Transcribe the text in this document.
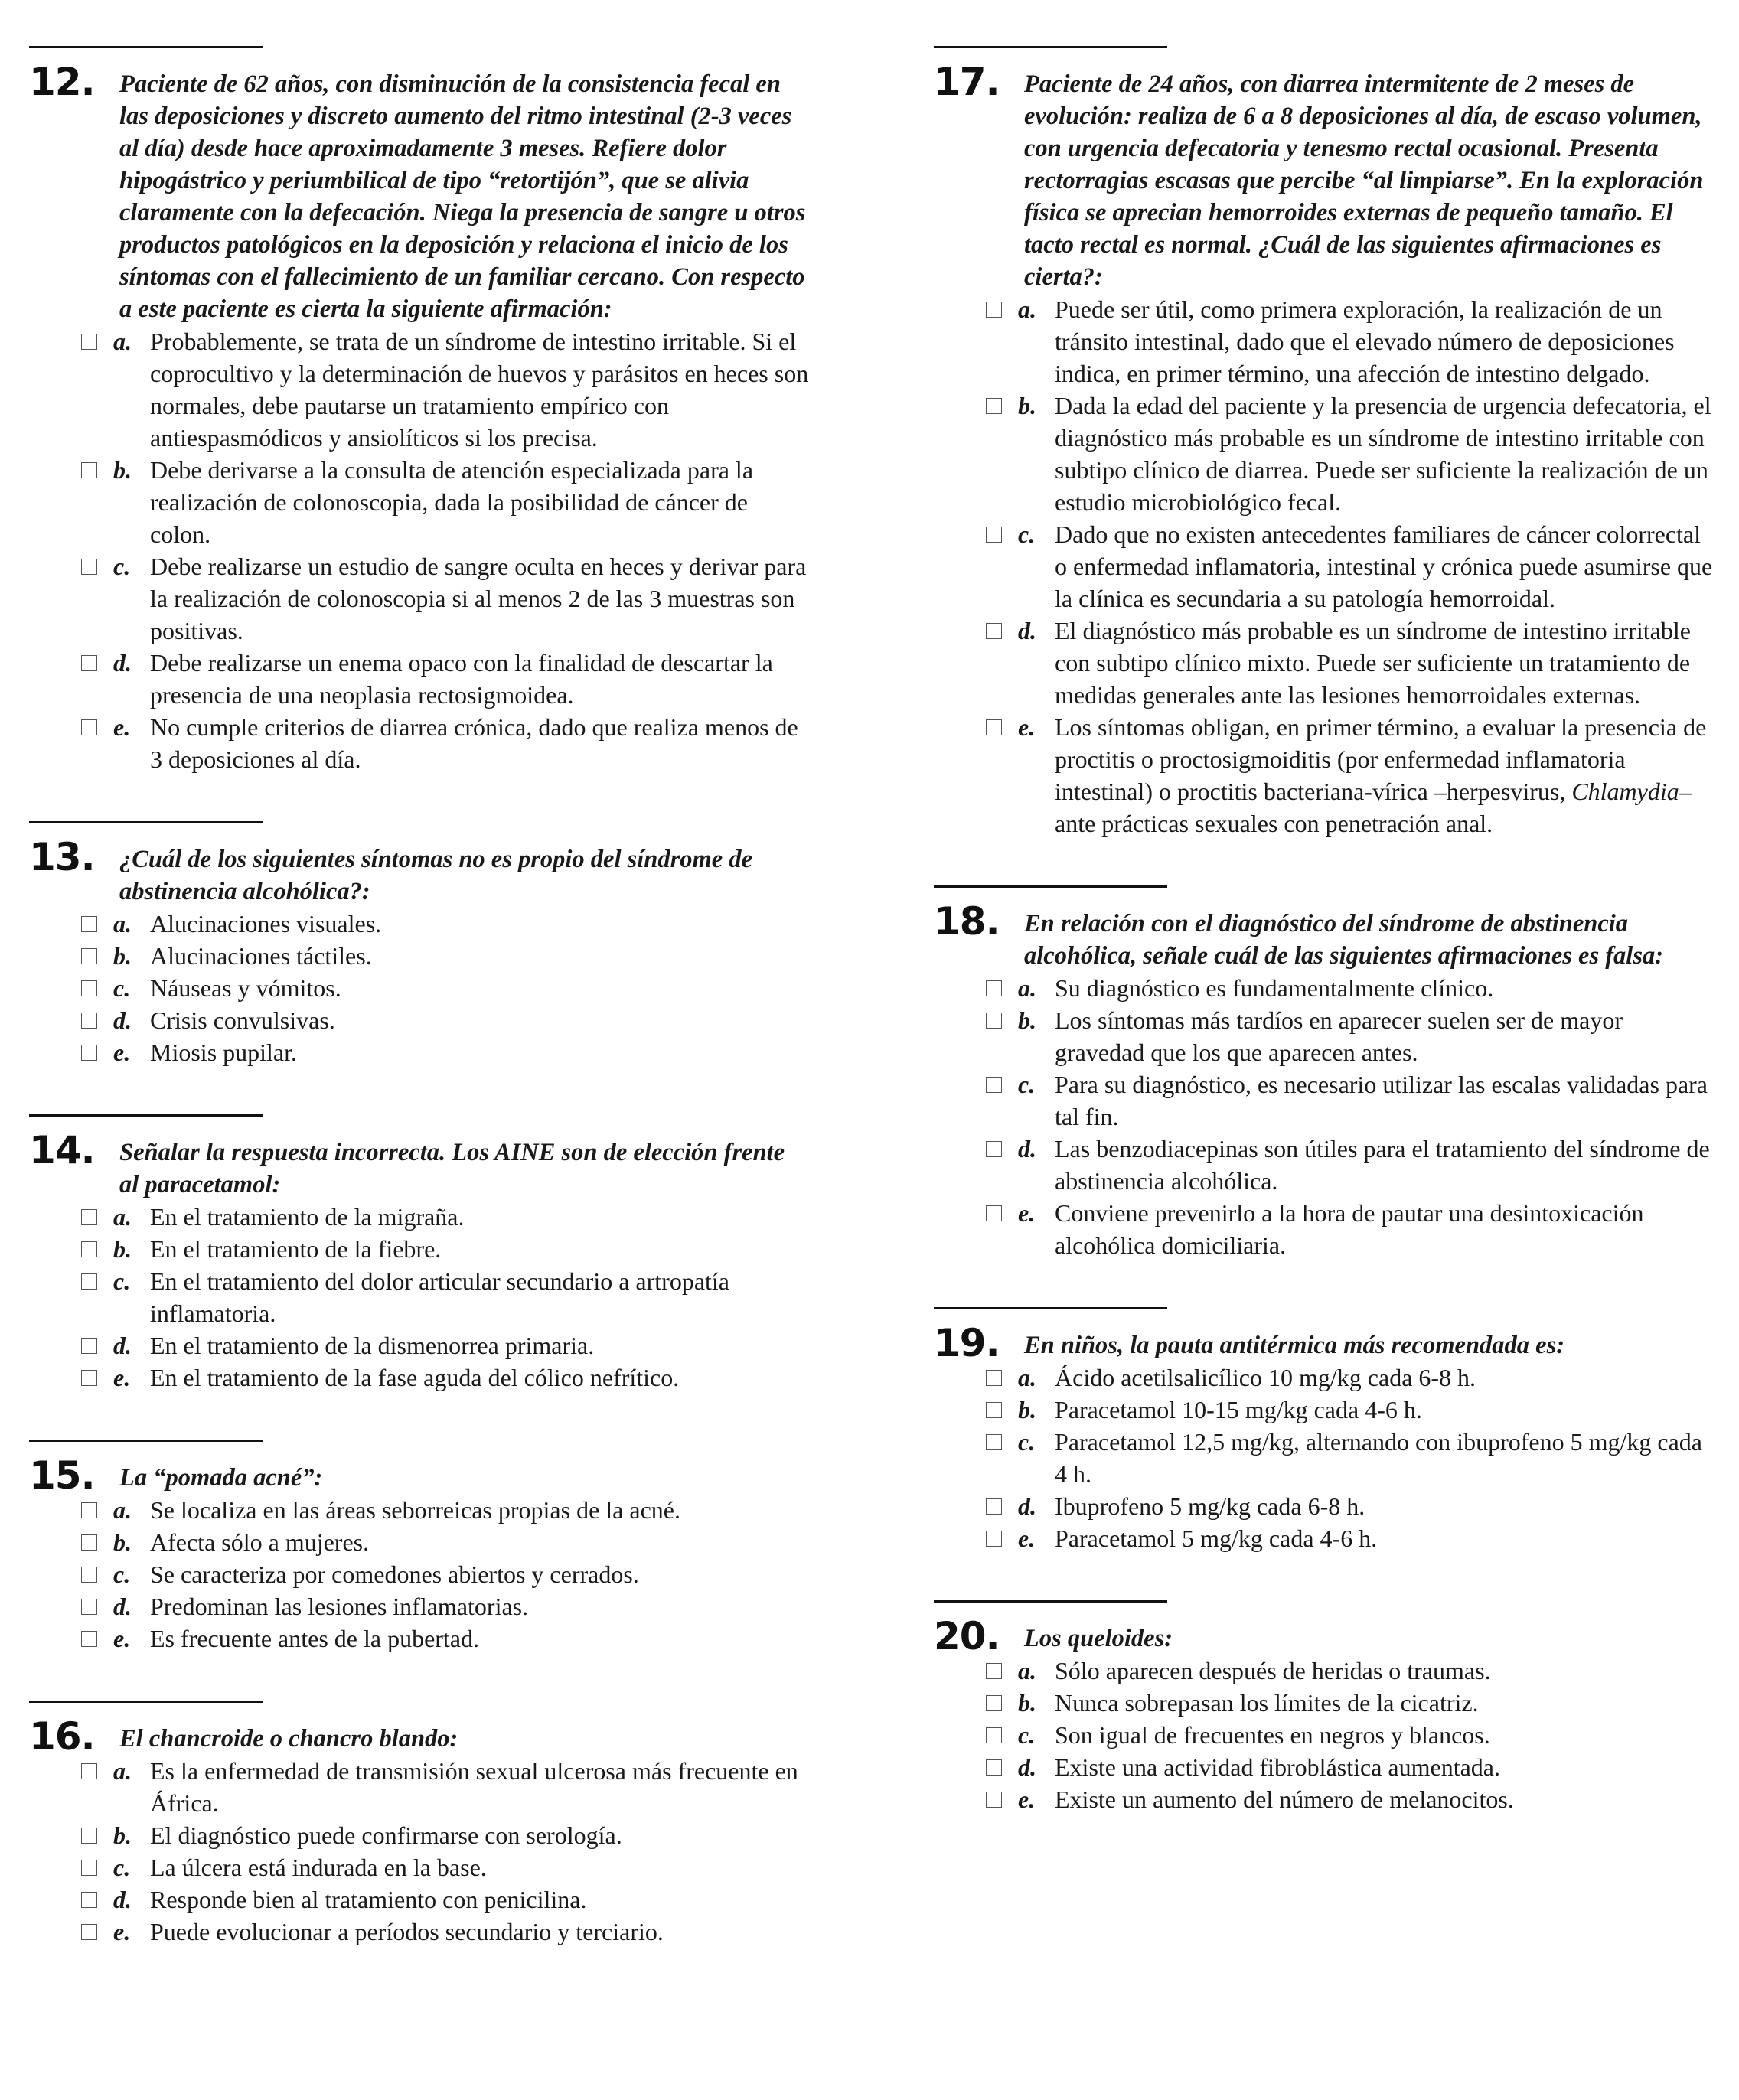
12. Paciente de 62 años, con disminución de la consistencia fecal en las deposiciones y discreto aumento del ritmo intestinal (2-3 veces al día) desde hace aproximadamente 3 meses. Refiere dolor hipogástrico y periumbilical de tipo “retortijón”, que se alivia claramente con la defecación. Niega la presencia de sangre u otros productos patológicos en la deposición y relaciona el inicio de los síntomas con el fallecimiento de un familiar cercano. Con respecto a este paciente es cierta la siguiente afirmación:
a. Probablemente, se trata de un síndrome de intestino irritable. Si el coprocultivo y la determinación de huevos y parásitos en heces son normales, debe pautarse un tratamiento empírico con antiespasmódicos y ansiolíticos si los precisa.
b. Debe derivarse a la consulta de atención especializada para la realización de colonoscopia, dada la posibilidad de cáncer de colon.
c. Debe realizarse un estudio de sangre oculta en heces y derivar para la realización de colonoscopia si al menos 2 de las 3 muestras son positivas.
d. Debe realizarse un enema opaco con la finalidad de descartar la presencia de una neoplasia rectosigmoidea.
e. No cumple criterios de diarrea crónica, dado que realiza menos de 3 deposiciones al día.
13. ¿Cuál de los siguientes síntomas no es propio del síndrome de abstinencia alcohólica?:
a. Alucinaciones visuales.
b. Alucinaciones táctiles.
c. Náuseas y vómitos.
d. Crisis convulsivas.
e. Miosis pupilar.
14. Señalar la respuesta incorrecta. Los AINE son de elección frente al paracetamol:
a. En el tratamiento de la migraña.
b. En el tratamiento de la fiebre.
c. En el tratamiento del dolor articular secundario a artropatía inflamatoria.
d. En el tratamiento de la dismenorrea primaria.
e. En el tratamiento de la fase aguda del cólico nefrítico.
15. La “pomada acné”:
a. Se localiza en las áreas seborreicas propias de la acné.
b. Afecta sólo a mujeres.
c. Se caracteriza por comedones abiertos y cerrados.
d. Predominan las lesiones inflamatorias.
e. Es frecuente antes de la pubertad.
16. El chancroide o chancro blando:
a. Es la enfermedad de transmisión sexual ulcerosa más frecuente en África.
b. El diagnóstico puede confirmarse con serología.
c. La úlcera está indurada en la base.
d. Responde bien al tratamiento con penicilina.
e. Puede evolucionar a períodos secundario y terciario.
17. Paciente de 24 años, con diarrea intermitente de 2 meses de evolución: realiza de 6 a 8 deposiciones al día, de escaso volumen, con urgencia defecatoria y tenesmo rectal ocasional. Presenta rectorragias escasas que percibe “al limpiarse”. En la exploración física se aprecian hemorroides externas de pequeño tamaño. El tacto rectal es normal. ¿Cuál de las siguientes afirmaciones es cierta?:
a. Puede ser útil, como primera exploración, la realización de un tránsito intestinal, dado que el elevado número de deposiciones indica, en primer término, una afección de intestino delgado.
b. Dada la edad del paciente y la presencia de urgencia defecatoria, el diagnóstico más probable es un síndrome de intestino irritable con subtipo clínico de diarrea. Puede ser suficiente la realización de un estudio microbiológico fecal.
c. Dado que no existen antecedentes familiares de cáncer colorrectal o enfermedad inflamatoria, intestinal y crónica puede asumirse que la clínica es secundaria a su patología hemorroidal.
d. El diagnóstico más probable es un síndrome de intestino irritable con subtipo clínico mixto. Puede ser suficiente un tratamiento de medidas generales ante las lesiones hemorroidales externas.
e. Los síntomas obligan, en primer término, a evaluar la presencia de proctitis o proctosigmoiditis (por enfermedad inflamatoria intestinal) o proctitis bacteriana-vírica –herpesvirus, Chlamydia– ante prácticas sexuales con penetración anal.
18. En relación con el diagnóstico del síndrome de abstinencia alcohólica, señale cuál de las siguientes afirmaciones es falsa:
a. Su diagnóstico es fundamentalmente clínico.
b. Los síntomas más tardíos en aparecer suelen ser de mayor gravedad que los que aparecen antes.
c. Para su diagnóstico, es necesario utilizar las escalas validadas para tal fin.
d. Las benzodiacepinas son útiles para el tratamiento del síndrome de abstinencia alcohólica.
e. Conviene prevenirlo a la hora de pautar una desintoxicación alcohólica domiciliaria.
19. En niños, la pauta antitérmica más recomendada es:
a. Ácido acetilsalicílico 10 mg/kg cada 6-8 h.
b. Paracetamol 10-15 mg/kg cada 4-6 h.
c. Paracetamol 12,5 mg/kg, alternando con ibuprofeno 5 mg/kg cada 4 h.
d. Ibuprofeno 5 mg/kg cada 6-8 h.
e. Paracetamol 5 mg/kg cada 4-6 h.
20. Los queloides:
a. Sólo aparecen después de heridas o traumas.
b. Nunca sobrepasan los límites de la cicatriz.
c. Son igual de frecuentes en negros y blancos.
d. Existe una actividad fibroblástica aumentada.
e. Existe un aumento del número de melanocitos.
